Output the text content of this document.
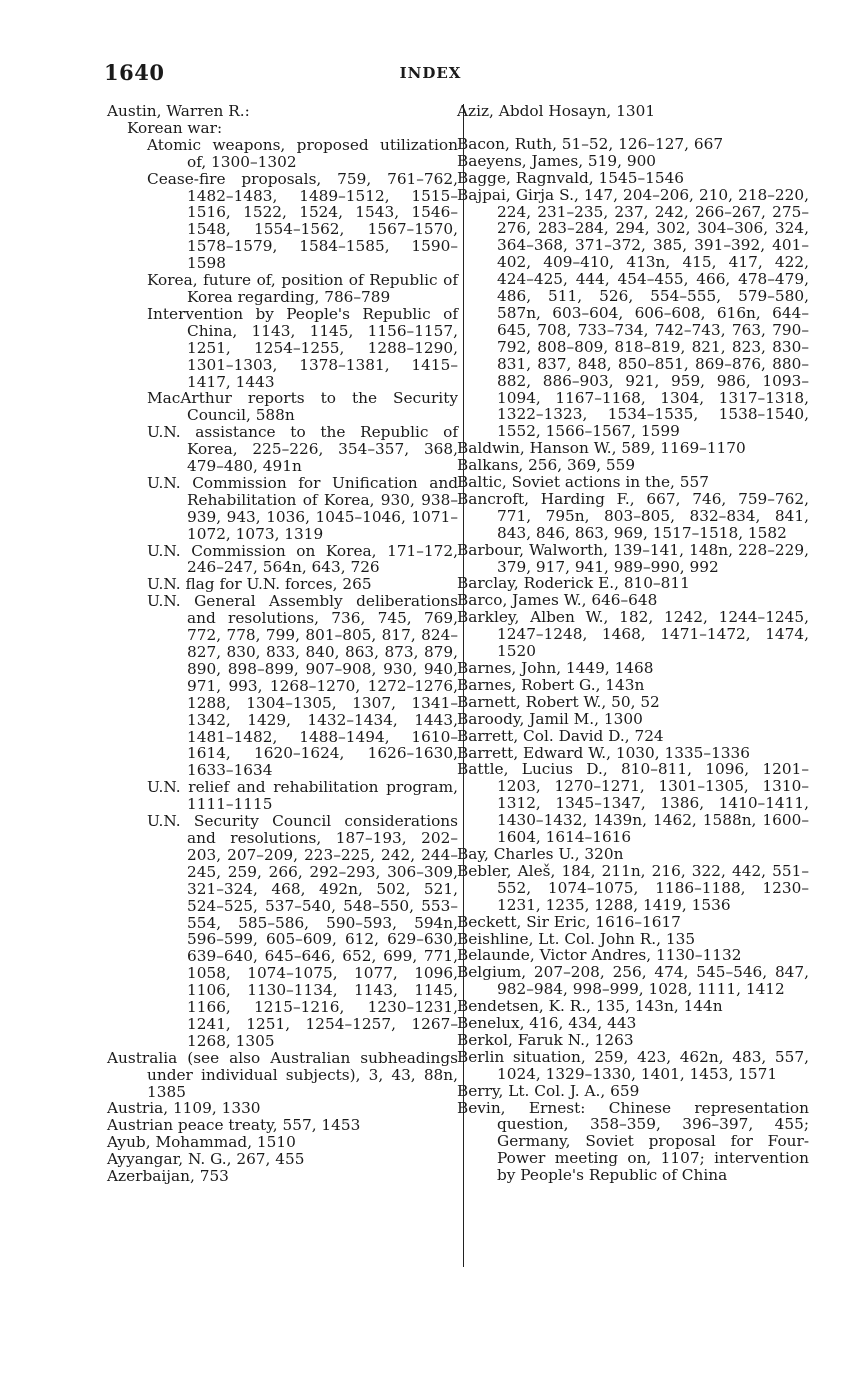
1640	INDEX
Austin, Warren R.:
Korean war:
Atomic weapons, proposed utilization of, 1300–1302
Cease-fire proposals, 759, 761–762, 1482–1483, 1489–1512, 1515–1516, 1522, 1524, 1543, 1546–1548, 1554–1562, 1567–1570, 1578–1579, 1584–1585, 1590–1598
Korea, future of, position of Republic of Korea regarding, 786–789
Intervention by People's Republic of China, 1143, 1145, 1156–1157, 1251, 1254–1255, 1288–1290, 1301–1303, 1378–1381, 1415–1417, 1443
MacArthur reports to the Security Council, 588n
U.N. assistance to the Republic of Korea, 225–226, 354–357, 368, 479–480, 491n
U.N. Commission for Unification and Rehabilitation of Korea, 930, 938–939, 943, 1036, 1045–1046, 1071–1072, 1073, 1319
U.N. Commission on Korea, 171–172, 246–247, 564n, 643, 726
U.N. flag for U.N. forces, 265
U.N. General Assembly deliberations and resolutions, 736, 745, 769, 772, 778, 799, 801–805, 817, 824–827, 830, 833, 840, 863, 873, 879, 890, 898–899, 907–908, 930, 940, 971, 993, 1268–1270, 1272–1276, 1288, 1304–1305, 1307, 1341–1342, 1429, 1432–1434, 1443, 1481–1482, 1488–1494, 1610–1614, 1620–1624, 1626–1630, 1633–1634
U.N. relief and rehabilitation program, 1111–1115
U.N. Security Council considerations and resolutions, 187–193, 202–203, 207–209, 223–225, 242, 244–245, 259, 266, 292–293, 306–309, 321–324, 468, 492n, 502, 521, 524–525, 537–540, 548–550, 553–554, 585–586, 590–593, 594n, 596–599, 605–609, 612, 629–630, 639–640, 645–646, 652, 699, 771, 1058, 1074–1075, 1077, 1096, 1106, 1130–1134, 1143, 1145, 1166, 1215–1216, 1230–1231, 1241, 1251, 1254–1257, 1267–1268, 1305
Australia (see also Australian subheadings under individual subjects), 3, 43, 88n, 1385
Austria, 1109, 1330
Austrian peace treaty, 557, 1453
Ayub, Mohammad, 1510
Ayyangar, N. G., 267, 455
Azerbaijan, 753
Aziz, Abdol Hosayn, 1301
Bacon, Ruth, 51–52, 126–127, 667
Baeyens, James, 519, 900
Bagge, Ragnvald, 1545–1546
Bajpai, Girja S., 147, 204–206, 210, 218–220, 224, 231–235, 237, 242, 266–267, 275–276, 283–284, 294, 302, 304–306, 324, 364–368, 371–372, 385, 391–392, 401–402, 409–410, 413n, 415, 417, 422, 424–425, 444, 454–455, 466, 478–479, 486, 511, 526, 554–555, 579–580, 587n, 603–604, 606–608, 616n, 644–645, 708, 733–734, 742–743, 763, 790–792, 808–809, 818–819, 821, 823, 830–831, 837, 848, 850–851, 869–876, 880–882, 886–903, 921, 959, 986, 1093–1094, 1167–1168, 1304, 1317–1318, 1322–1323, 1534–1535, 1538–1540, 1552, 1566–1567, 1599
Baldwin, Hanson W., 589, 1169–1170
Balkans, 256, 369, 559
Baltic, Soviet actions in the, 557
Bancroft, Harding F., 667, 746, 759–762, 771, 795n, 803–805, 832–834, 841, 843, 846, 863, 969, 1517–1518, 1582
Barbour, Walworth, 139–141, 148n, 228–229, 379, 917, 941, 989–990, 992
Barclay, Roderick E., 810–811
Barco, James W., 646–648
Barkley, Alben W., 182, 1242, 1244–1245, 1247–1248, 1468, 1471–1472, 1474, 1520
Barnes, John, 1449, 1468
Barnes, Robert G., 143n
Barnett, Robert W., 50, 52
Baroody, Jamil M., 1300
Barrett, Col. David D., 724
Barrett, Edward W., 1030, 1335–1336
Battle, Lucius D., 810–811, 1096, 1201–1203, 1270–1271, 1301–1305, 1310–1312, 1345–1347, 1386, 1410–1411, 1430–1432, 1439n, 1462, 1588n, 1600–1604, 1614–1616
Bay, Charles U., 320n
Bebler, Aleš, 184, 211n, 216, 322, 442, 551–552, 1074–1075, 1186–1188, 1230–1231, 1235, 1288, 1419, 1536
Beckett, Sir Eric, 1616–1617
Beishline, Lt. Col. John R., 135
Belaunde, Victor Andres, 1130–1132
Belgium, 207–208, 256, 474, 545–546, 847, 982–984, 998–999, 1028, 1111, 1412
Bendetsen, K. R., 135, 143n, 144n
Benelux, 416, 434, 443
Berkol, Faruk N., 1263
Berlin situation, 259, 423, 462n, 483, 557, 1024, 1329–1330, 1401, 1453, 1571
Berry, Lt. Col. J. A., 659
Bevin, Ernest: Chinese representation question, 358–359, 396–397, 455; Germany, Soviet proposal for Four-Power meeting on, 1107; intervention by People's Republic of China
